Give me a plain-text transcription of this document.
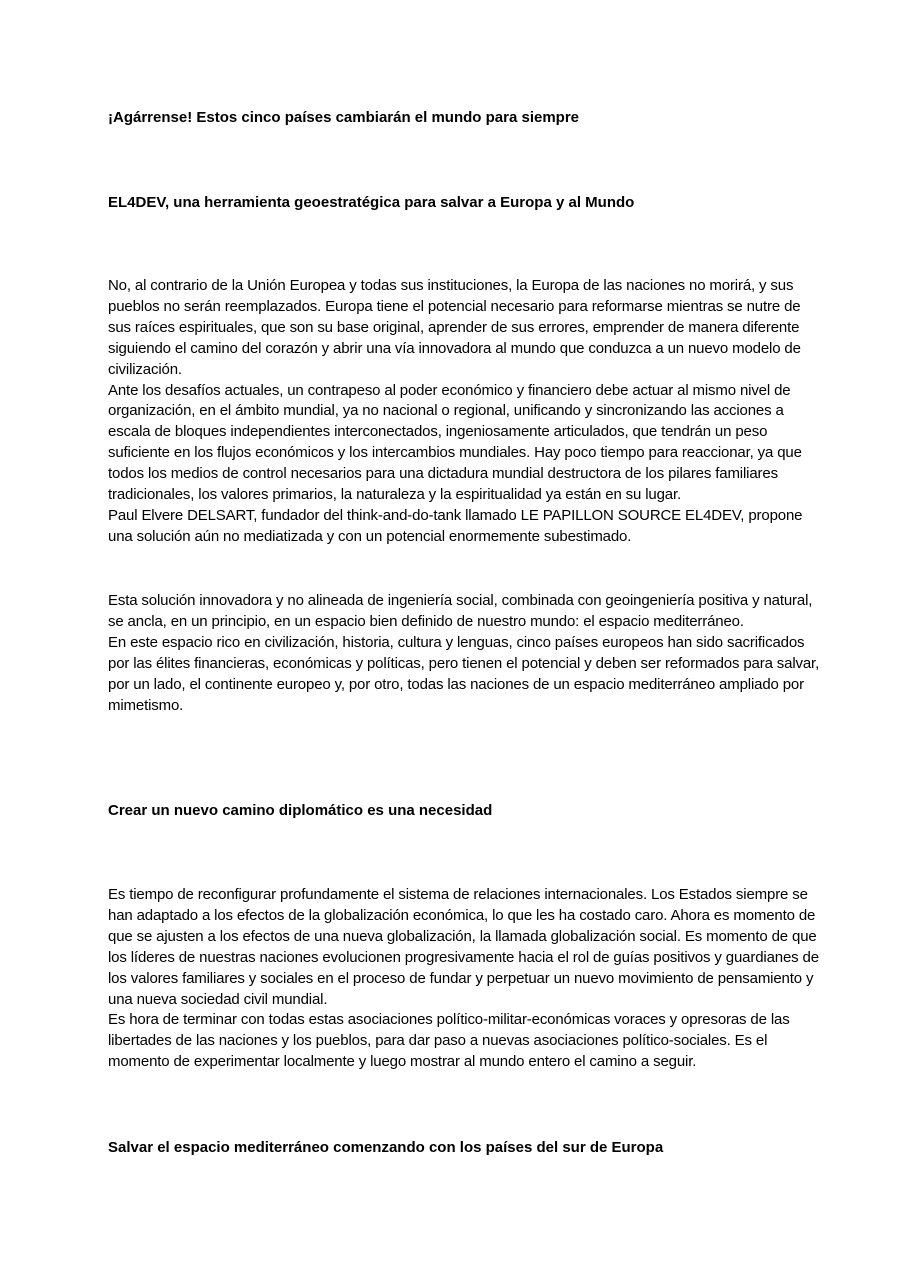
¡Agárrense! Estos cinco países cambiarán el mundo para siempre
EL4DEV, una herramienta geoestratégica para salvar a Europa y al Mundo

No, al contrario de la Unión Europea y todas sus instituciones, la Europa de las naciones no morirá, y sus pueblos no serán reemplazados. Europa tiene el potencial necesario para reformarse mientras se nutre de sus raíces espirituales, que son su base original, aprender de sus errores, emprender de manera diferente siguiendo el camino del corazón y abrir una vía innovadora al mundo que conduzca a un nuevo modelo de civilización.

Ante los desafíos actuales, un contrapeso al poder económico y financiero debe actuar al mismo nivel de organización, en el ámbito mundial, ya no nacional o regional, unificando y sincronizando las acciones a escala de bloques independientes interconectados, ingeniosamente articulados, que tendrán un peso suficiente en los flujos económicos y los intercambios mundiales. Hay poco tiempo para reaccionar, ya que todos los medios de control necesarios para una dictadura mundial destructora de los pilares familiares tradicionales, los valores primarios, la naturaleza y la espiritualidad ya están en su lugar.

Paul Elvere DELSART, fundador del think-and-do-tank llamado LE PAPILLON SOURCE EL4DEV, propone una solución aún no mediatizada y con un potencial enormemente subestimado.

Esta solución innovadora y no alineada de ingeniería social, combinada con geoingeniería positiva y natural, se ancla, en un principio, en un espacio bien definido de nuestro mundo: el espacio mediterráneo.

En este espacio rico en civilización, historia, cultura y lenguas, cinco países europeos han sido sacrificados por las élites financieras, económicas y políticas, pero tienen el potencial y deben ser reformados para salvar, por un lado, el continente europeo y, por otro, todas las naciones de un espacio mediterráneo ampliado por mimetismo.

Crear un nuevo camino diplomático es una necesidad

Es tiempo de reconfigurar profundamente el sistema de relaciones internacionales. Los Estados siempre se han adaptado a los efectos de la globalización económica, lo que les ha costado caro. Ahora es momento de que se ajusten a los efectos de una nueva globalización, la llamada globalización social. Es momento de que los líderes de nuestras naciones evolucionen progresivamente hacia el rol de guías positivos y guardianes de los valores familiares y sociales en el proceso de fundar y perpetuar un nuevo movimiento de pensamiento y una nueva sociedad civil mundial.

Es hora de terminar con todas estas asociaciones político-militar-económicas voraces y opresoras de las libertades de las naciones y los pueblos, para dar paso a nuevas asociaciones político-sociales. Es el momento de experimentar localmente y luego mostrar al mundo entero el camino a seguir.

Salvar el espacio mediterráneo comenzando con los países del sur de Europa
